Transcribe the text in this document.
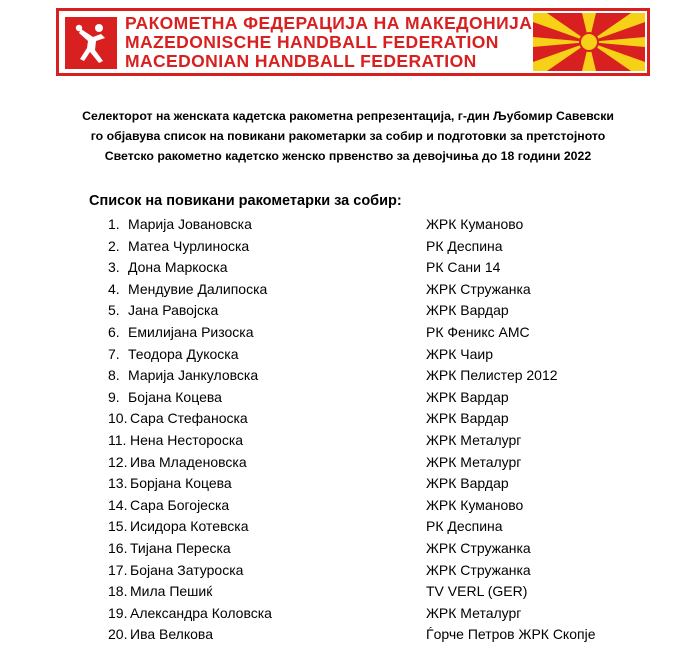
РАКОМЕТНА ФЕДЕРАЦИЈА НА МАКЕДОНИЈА
MAZEDONISCHE HANDBALL FEDERATION
MACEDONIAN HANDBALL FEDERATION
Селекторот на женската кадетска ракометна репрезентација, г-дин Љубомир Савевски
го објавува список на повикани ракометарки за собир и подготовки за претстојното
Светско ракометно кадетско женско првенство за девојчиња до 18 години 2022
Список на повикани ракометарки за собир:
1. Марија Јовановска	ЖРК Куманово
2. Матеа Чурлиноска	РК Деспина
3. Дона Маркоска	РК Сани 14
4. Мендувие Далипоска	ЖРК Стружанка
5. Јана Равојска	ЖРК Вардар
6. Емилијана Ризоска	РК Феникс АМС
7. Теодора Дукоска	ЖРК Чаир
8. Марија Јанкуловска	ЖРК Пелистер 2012
9. Бојана Коцева	ЖРК Вардар
10. Сара Стефаноска	ЖРК Вардар
11. Нена Несторoска	ЖРК Металург
12. Ива Младеновска	ЖРК Металург
13. Борјана Коцева	ЖРК Вардар
14. Сара Богојеска	ЖРК Куманово
15. Исидора Котевска	РК Деспина
16. Тијана Переска	ЖРК Стружанка
17. Бојана Затуроска	ЖРК Стружанка
18. Мила Пешиќ	TV VERL (GER)
19. Александра Коловска	ЖРК Металург
20. Ива Велкова	Ѓорче Петров ЖРК Скопје
